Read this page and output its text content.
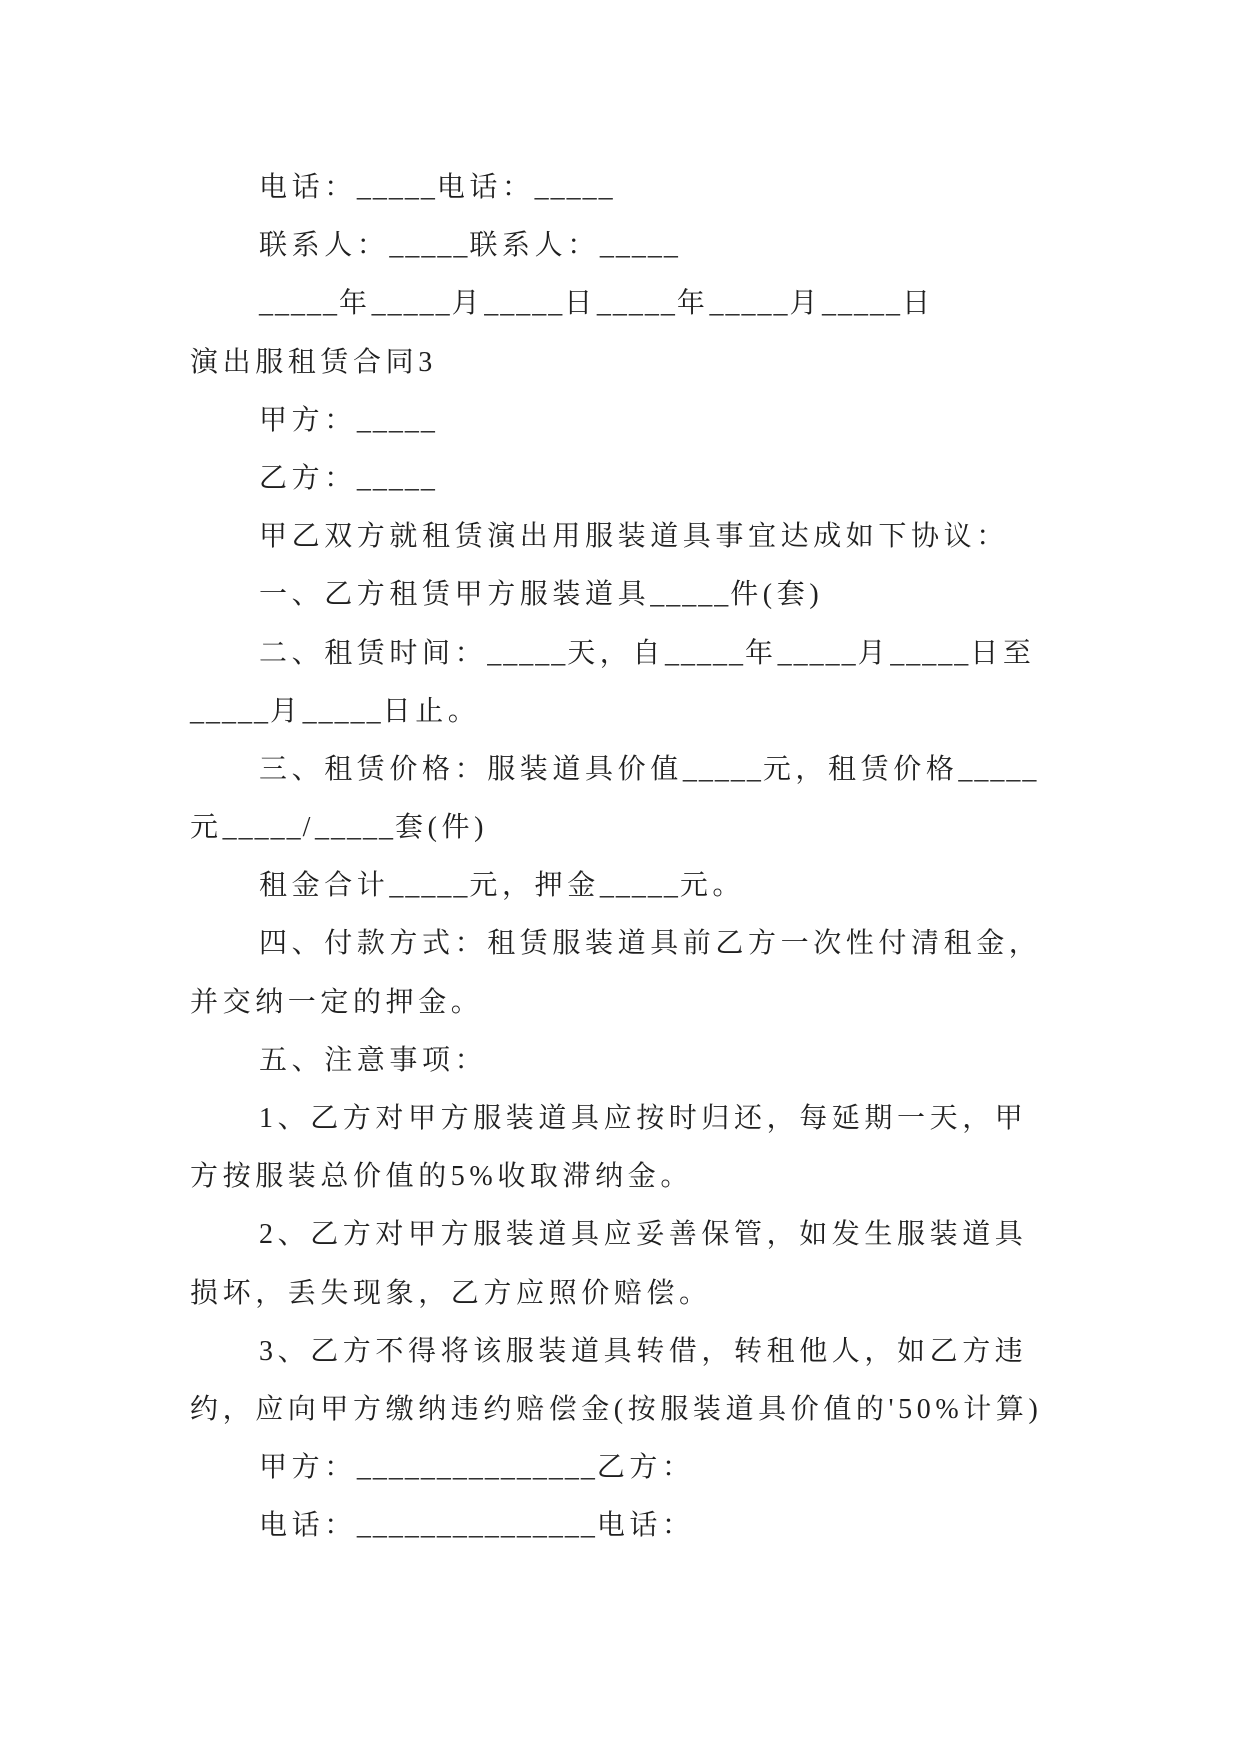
电话：_____电话：_____
联系人：_____联系人：_____
_____年_____月_____日_____年_____月_____日
演出服租赁合同3
甲方：_____
乙方：_____
甲乙双方就租赁演出用服装道具事宜达成如下协议：
一、乙方租赁甲方服装道具_____件(套)
二、租赁时间：_____天，自_____年_____月_____日至
_____月_____日止。
三、租赁价格：服装道具价值_____元，租赁价格_____
元_____/_____套(件)
租金合计_____元，押金_____元。
四、付款方式：租赁服装道具前乙方一次性付清租金，
并交纳一定的押金。
五、注意事项：
1、乙方对甲方服装道具应按时归还，每延期一天，甲
方按服装总价值的5%收取滞纳金。
2、乙方对甲方服装道具应妥善保管，如发生服装道具
损坏，丢失现象，乙方应照价赔偿。
3、乙方不得将该服装道具转借，转租他人，如乙方违
约，应向甲方缴纳违约赔偿金(按服装道具价值的'50%计算)
甲方：_______________乙方：
电话：_______________电话：
